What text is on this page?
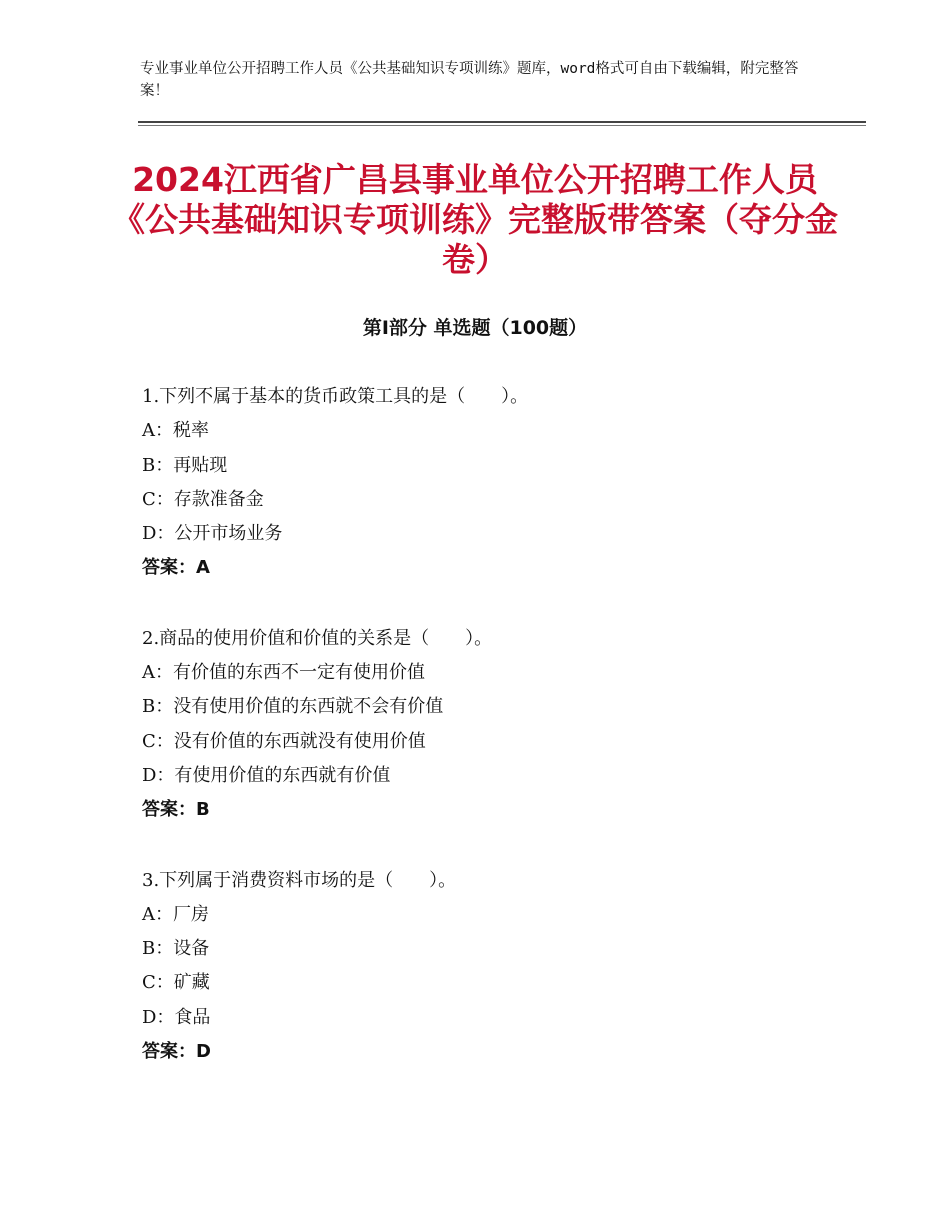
专业事业单位公开招聘工作人员《公共基础知识专项训练》题库，word格式可自由下载编辑，附完整答案！
2024江西省广昌县事业单位公开招聘工作人员《公共基础知识专项训练》完整版带答案（夺分金卷）
第Ⅰ部分 单选题（100题）
1.下列不属于基本的货币政策工具的是（　　）。
A：税率
B：再贴现
C：存款准备金
D：公开市场业务
答案：A
2.商品的使用价值和价值的关系是（　　）。
A：有价值的东西不一定有使用价值
B：没有使用价值的东西就不会有价值
C：没有价值的东西就没有使用价值
D：有使用价值的东西就有价值
答案：B
3.下列属于消费资料市场的是（　　）。
A：厂房
B：设备
C：矿藏
D：食品
答案：D
